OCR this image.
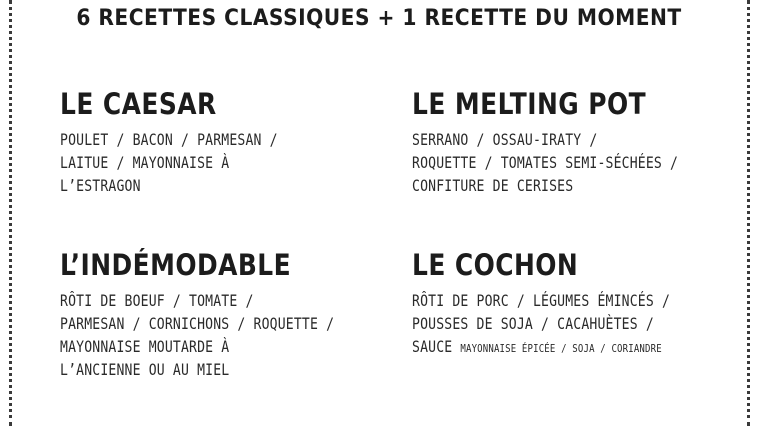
6 RECETTES CLASSIQUES + 1 RECETTE DU MOMENT
LE CAESAR
POULET / BACON / PARMESAN /
LAITUE / MAYONNAISE À
L’ESTRAGON
LE MELTING POT
SERRANO / OSSAU-IRATY /
ROQUETTE / TOMATES SEMI-SÉCHÉES /
CONFITURE DE CERISES
L’INDÉMODABLE
RÔTI DE BOEUF / TOMATE /
PARMESAN / CORNICHONS / ROQUETTE /
MAYONNAISE MOUTARDE À
L’ANCIENNE OU AU MIEL
LE COCHON
RÔTI DE PORC / LÉGUMES ÉMINCÉS /
POUSSES DE SOJA / CACAHUÈTES /
SAUCE MAYONNAISE ÉPICÉE / SOJA / CORIANDRE
